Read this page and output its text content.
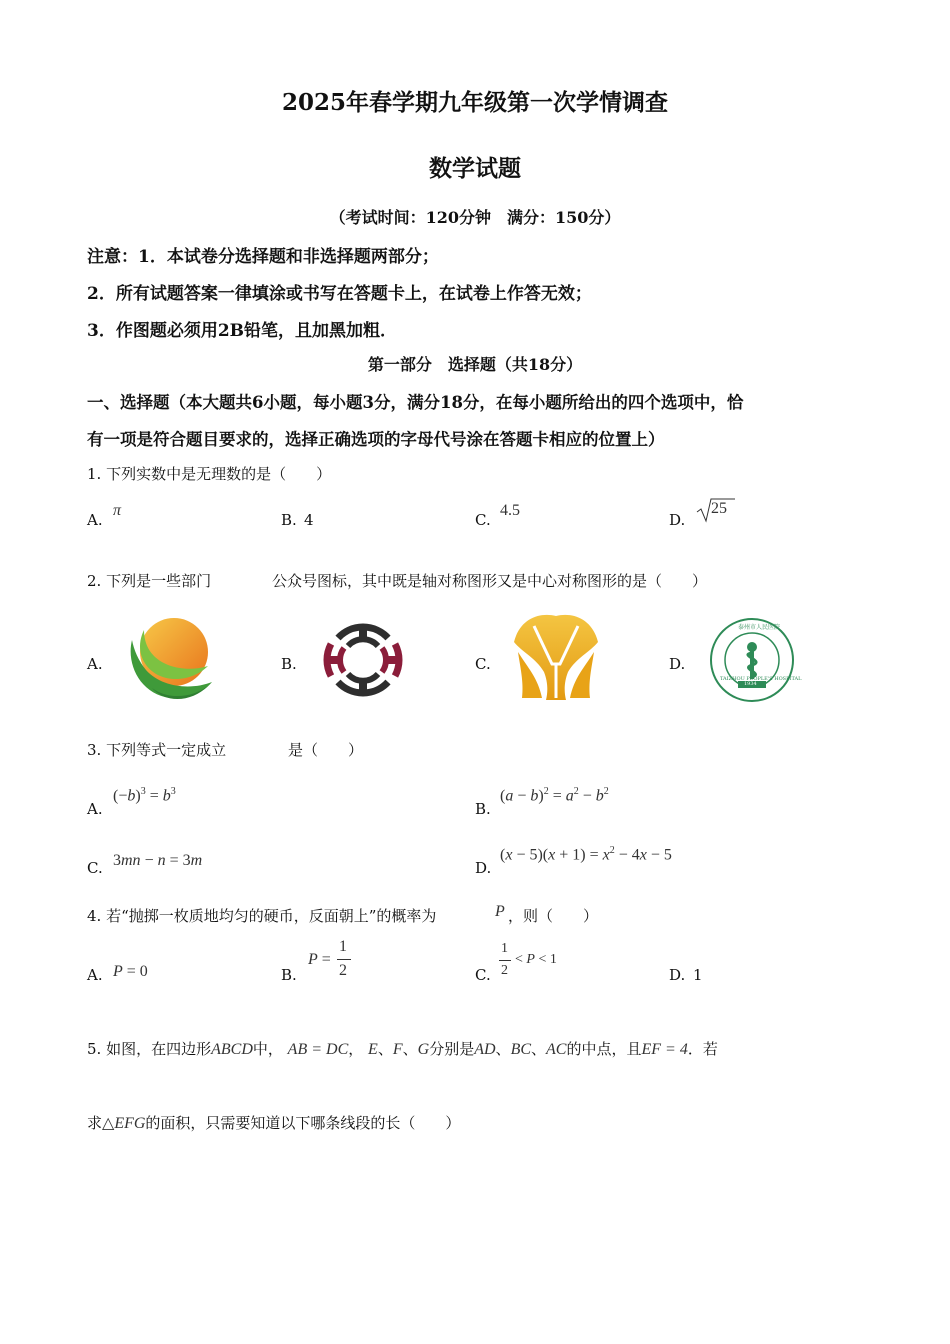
2025年春学期九年级第一次学情调查
数学试题
（考试时间：120分钟　满分：150分）
注意：1．本试卷分选择题和非选择题两部分；
2．所有试题答案一律填涂或书写在答题卡上，在试卷上作答无效；
3．作图题必须用2B铅笔，且加黑加粗．
第一部分　选择题（共18分）
一、选择题（本大题共6小题，每小题3分，满分18分，在每小题所给出的四个选项中，恰
有一项是符合题目要求的，选择正确选项的字母代号涂在答题卡相应的位置上）
1. 下列实数中是无理数的是（　　）
A.
π
B. 4	C.
4.5
D.
25
2. 下列是一些部门	公众号图标，其中既是轴对称图形又是中心对称图形的是（　　）
A.	B.	C.	D.
泰州市人民医院
TAIZHOU PEOPLE'S HOSPITAL
1934
3. 下列等式一定成立	是（　　）
A.
$(-b)^3 = b^3$
B.
$(a - b)^2 = a^2 - b^2$
C. 3mn − n = 3m	D.
$(x - 5)(x + 1) = x^2 - 4x - 5$
4. 若“抛掷一枚质地均匀的硬币，反面朝上”的概率为	P ，则（　　）
A. P = 0	B.
P =
1
2	C.
1
2
< P < 1
D. 1
5. 如图，在四边形ABCD中， AB = DC， E、F、G分别是AD、BC、AC的中点，且EF = 4．若
求△EFG的面积，只需要知道以下哪条线段的长（　　）
